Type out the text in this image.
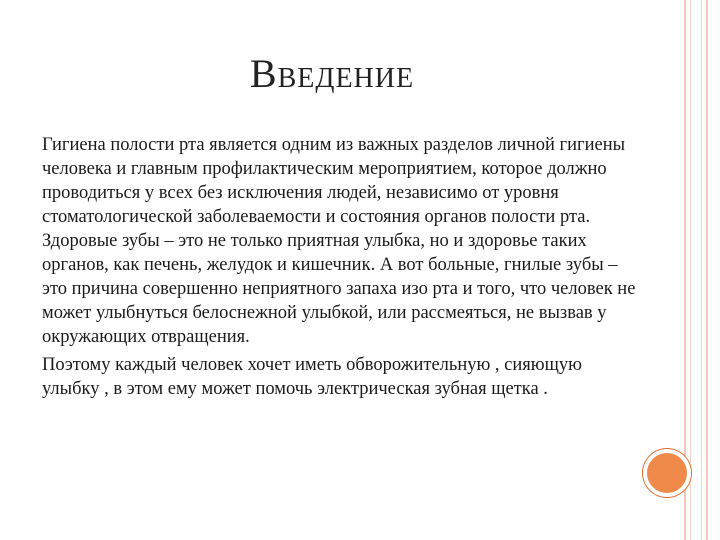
Введение

Гигиена полости рта является одним из важных разделов личной гигиены человека и главным профилактическим мероприятием, которое должно проводиться у всех без исключения людей, независимо от уровня стоматологической заболеваемости и состояния органов полости рта. Здоровые зубы – это не только приятная улыбка, но и здоровье таких органов, как печень, желудок и кишечник. А вот больные, гнилые зубы – это причина совершенно неприятного запаха изо рта и того, что человек не может улыбнуться белоснежной улыбкой, или рассмеяться, не вызвав у окружающих отвращения.

Поэтому каждый человек хочет иметь обворожительную , сияющую улыбку , в этом ему может помочь электрическая зубная щетка .
